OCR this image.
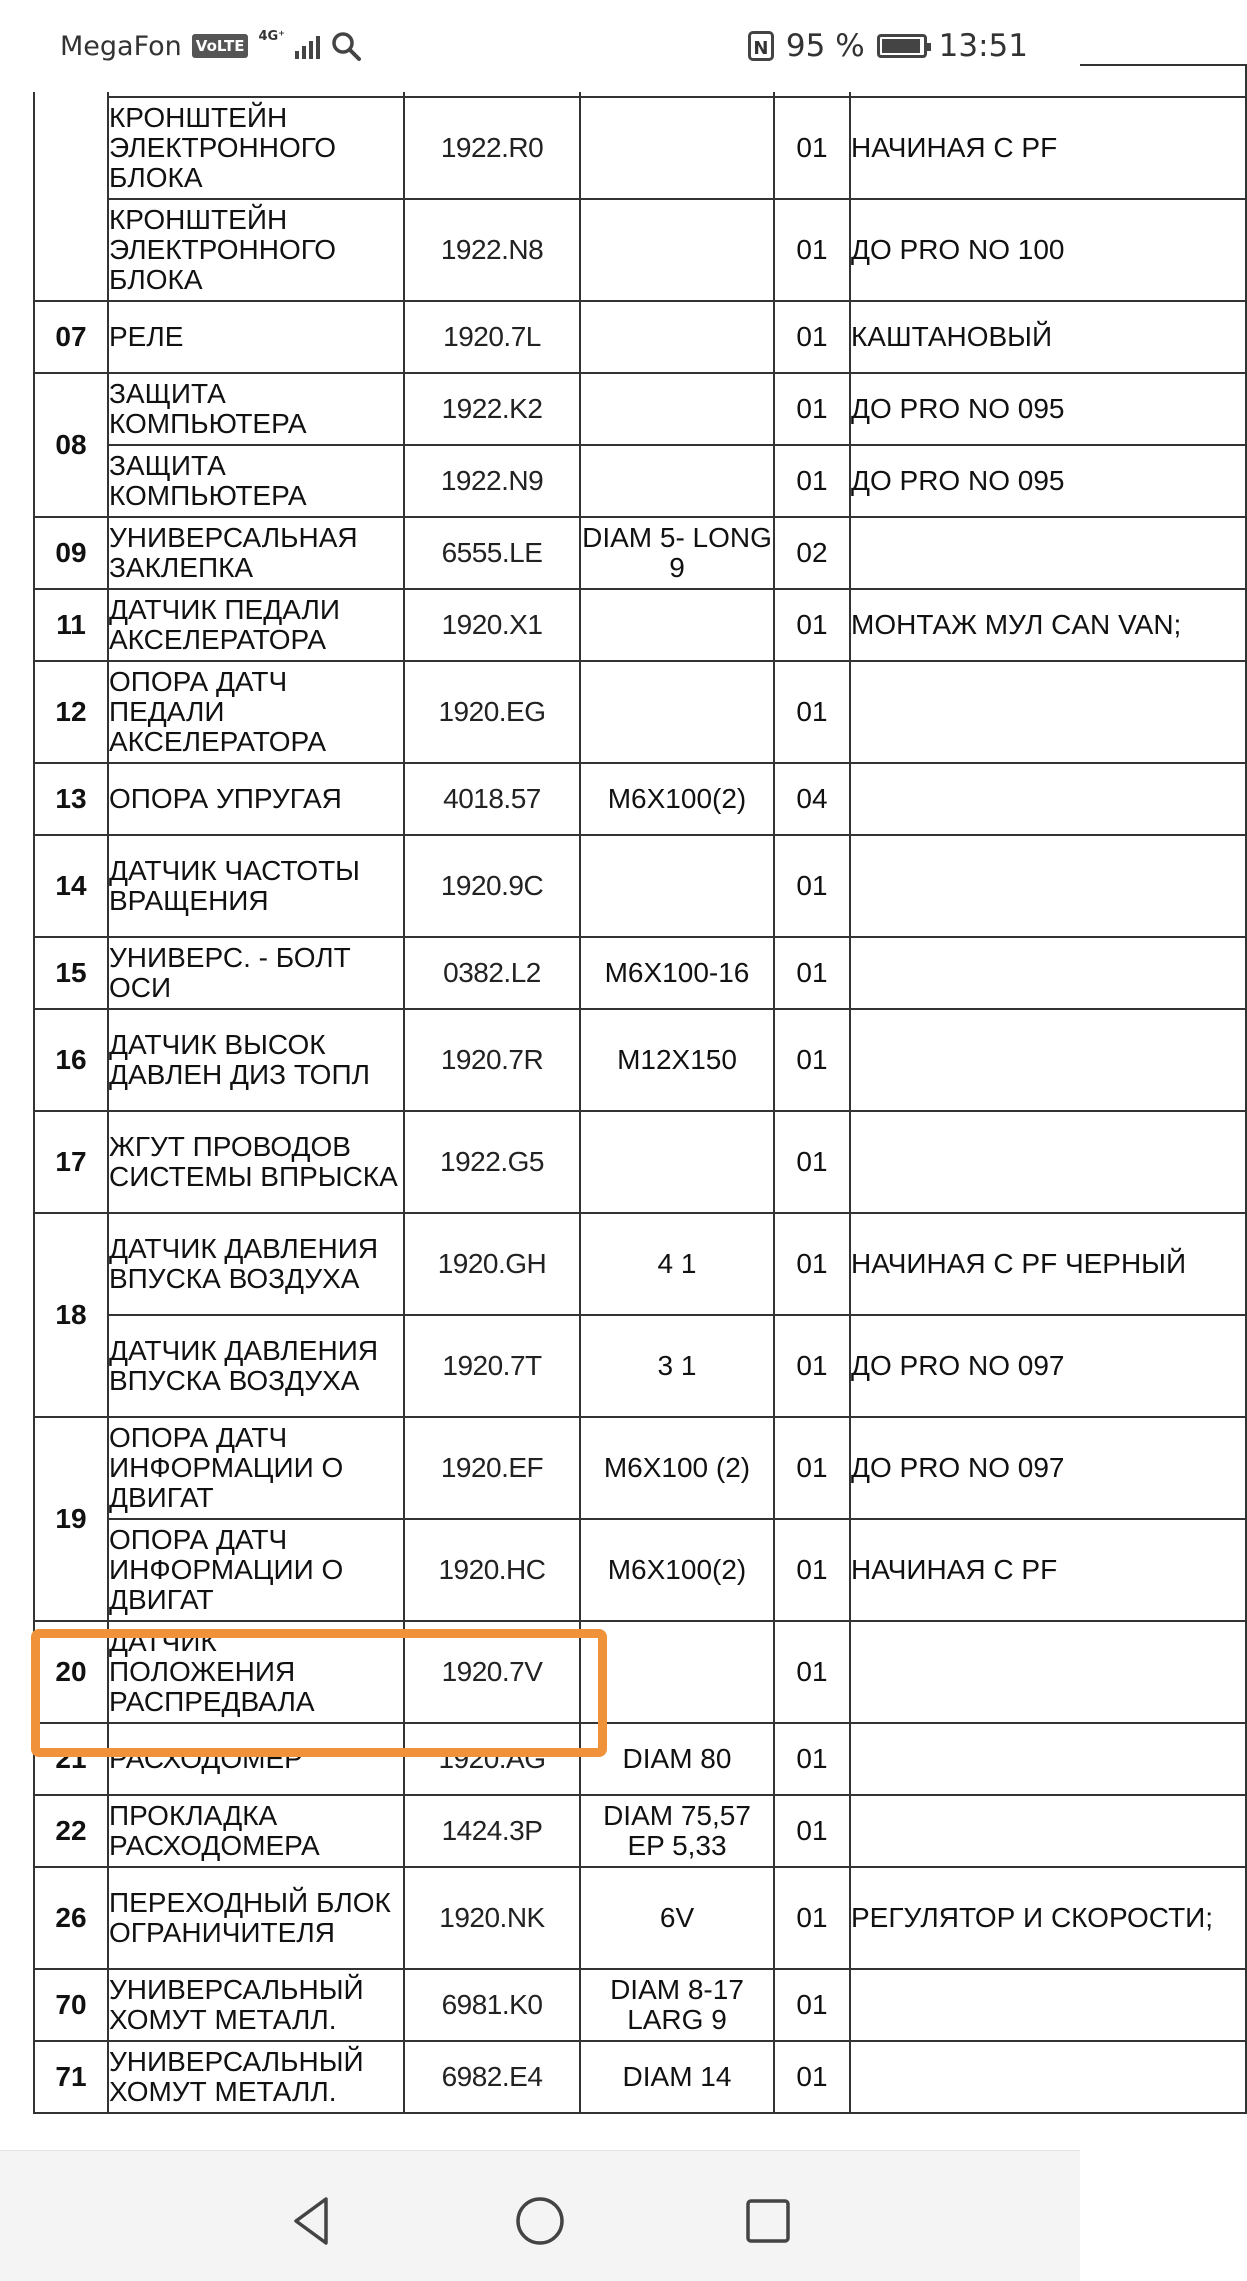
MegaFon VoLTE
4G⁺
N 95 % 13:51

	КРОНШТЕЙН ЭЛЕКТРОННОГО БЛОКА	1922.R0		01	НАЧИНАЯ С PF
	КРОНШТЕЙН ЭЛЕКТРОННОГО БЛОКА	1922.N8		01	ДО PRO NO 100
07	РЕЛЕ	1920.7L		01	КАШТАНОВЫЙ
08	ЗАЩИТА КОМПЬЮТЕРА	1922.K2		01	ДО PRO NO 095
	ЗАЩИТА КОМПЬЮТЕРА	1922.N9		01	ДО PRO NO 095
09	УНИВЕРСАЛЬНАЯ ЗАКЛЕПКА	6555.LE	DIAM 5- LONG 9	02	
11	ДАТЧИК ПЕДАЛИ АКСЕЛЕРАТОРА	1920.X1		01	МОНТАЖ МУЛ CAN VAN;
12	ОПОРА ДАТЧ ПЕДАЛИ АКСЕЛЕРАТОРА	1920.EG		01	
13	ОПОРА УПРУГАЯ	4018.57	M6X100(2)	04	
14	ДАТЧИК ЧАСТОТЫ ВРАЩЕНИЯ	1920.9C		01	
15	УНИВЕРС. - БОЛТ ОСИ	0382.L2	M6X100-16	01	
16	ДАТЧИК ВЫСОК ДАВЛЕН ДИЗ ТОПЛ	1920.7R	M12X150	01	
17	ЖГУТ ПРОВОДОВ СИСТЕМЫ ВПРЫСКА	1922.G5		01	
18	ДАТЧИК ДАВЛЕНИЯ ВПУСКА ВОЗДУХА	1920.GH	4 1	01	НАЧИНАЯ С PF ЧЕРНЫЙ
	ДАТЧИК ДАВЛЕНИЯ ВПУСКА ВОЗДУХА	1920.7T	3 1	01	ДО PRO NO 097
19	ОПОРА ДАТЧ ИНФОРМАЦИИ О ДВИГАТ	1920.EF	M6X100 (2)	01	ДО PRO NO 097
	ОПОРА ДАТЧ ИНФОРМАЦИИ О ДВИГАТ	1920.HC	M6X100(2)	01	НАЧИНАЯ С PF
20	ДАТЧИК ПОЛОЖЕНИЯ РАСПРЕДВАЛА	1920.7V		01	
21	РАСХОДОМЕР	1920.AG	DIAM 80	01	
22	ПРОКЛАДКА РАСХОДОМЕРА	1424.3P	DIAM 75,57 EP 5,33	01	
26	ПЕРЕХОДНЫЙ БЛОК ОГРАНИЧИТЕЛЯ	1920.NK	6V	01	РЕГУЛЯТОР И СКОРОСТИ;
70	УНИВЕРСАЛЬНЫЙ ХОМУТ МЕТАЛЛ.	6981.K0	DIAM 8-17 LARG 9	01	
71	УНИВЕРСАЛЬНЫЙ ХОМУТ МЕТАЛЛ.	6982.E4	DIAM 14	01	
